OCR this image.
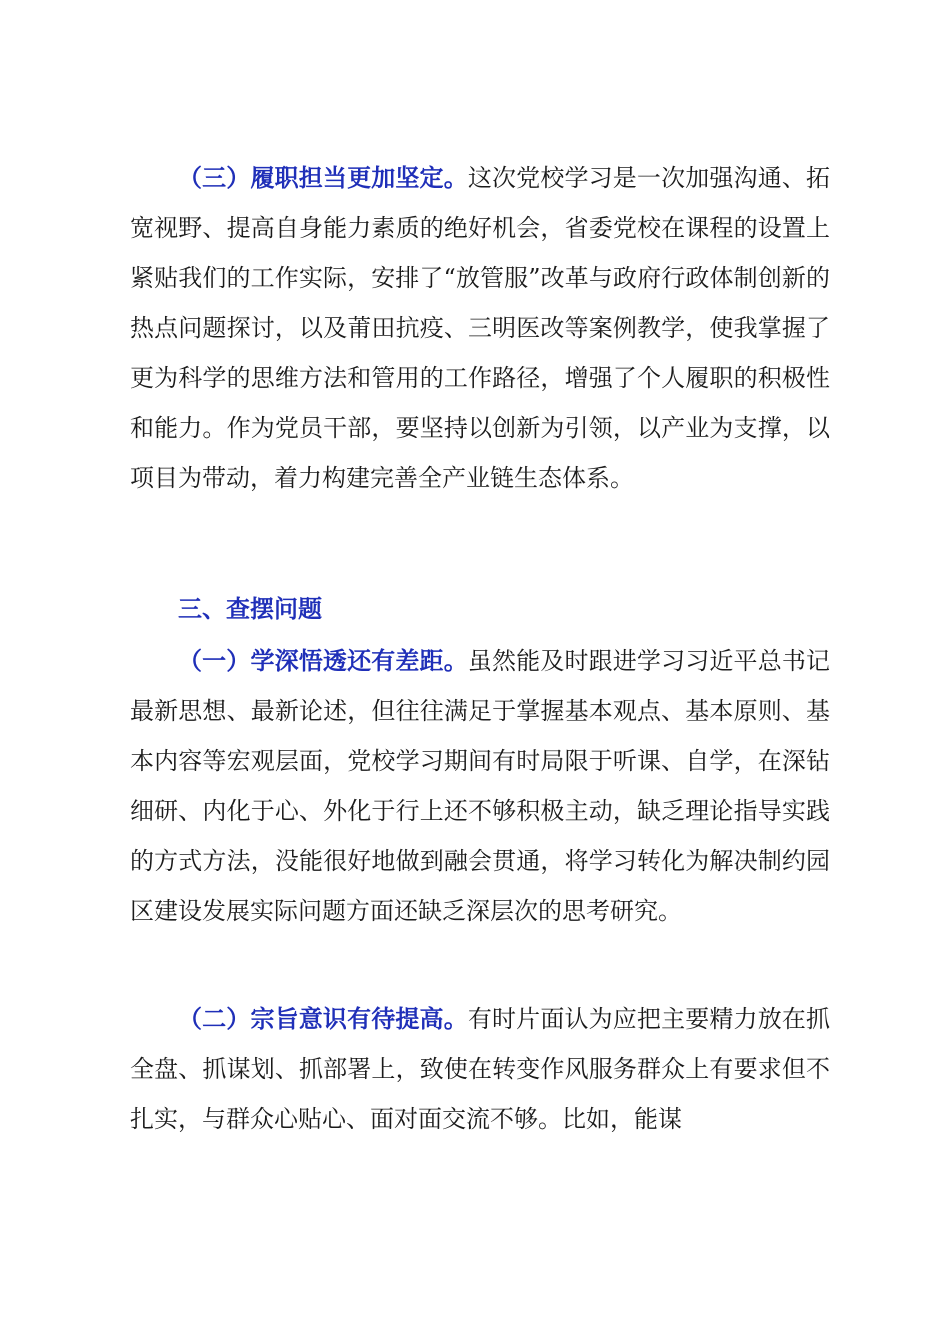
（三）履职担当更加坚定。这次党校学习是一次加强沟通、拓宽视野、提高自身能力素质的绝好机会，省委党校在课程的设置上紧贴我们的工作实际，安排了“放管服”改革与政府行政体制创新的热点问题探讨，以及莆田抗疫、三明医改等案例教学，使我掌握了更为科学的思维方法和管用的工作路径，增强了个人履职的积极性和能力。作为党员干部，要坚持以创新为引领，以产业为支撑，以项目为带动，着力构建完善全产业链生态体系。

三、查摆问题

（一）学深悟透还有差距。虽然能及时跟进学习习近平总书记最新思想、最新论述，但往往满足于掌握基本观点、基本原则、基本内容等宏观层面，党校学习期间有时局限于听课、自学，在深钻细研、内化于心、外化于行上还不够积极主动，缺乏理论指导实践的方式方法，没能很好地做到融会贯通，将学习转化为解决制约园区建设发展实际问题方面还缺乏深层次的思考研究。

（二）宗旨意识有待提高。有时片面认为应把主要精力放在抓全盘、抓谋划、抓部署上，致使在转变作风服务群众上有要求但不扎实，与群众心贴心、面对面交流不够。比如，能谋
